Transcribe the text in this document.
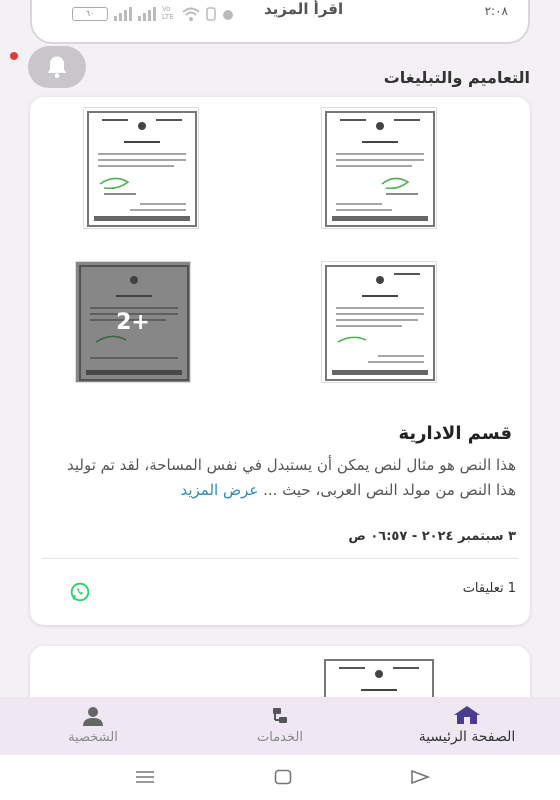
٦٠	Vo LTE	اقرأ المزيد	٢:٠٨
التعاميم والتبليغات
2+
قسم الادارية
هذا النص هو مثال لنص يمكن أن يستبدل في نفس المساحة، لقد تم توليد هذا النص من مولد النص العربى، حيث ... عرض المزيد
٣ سبتمبر ٢٠٢٤ - ٠٦:٥٧ ص
1 تعليقات
الصفحة الرئيسية
الخدمات
الشخصية
